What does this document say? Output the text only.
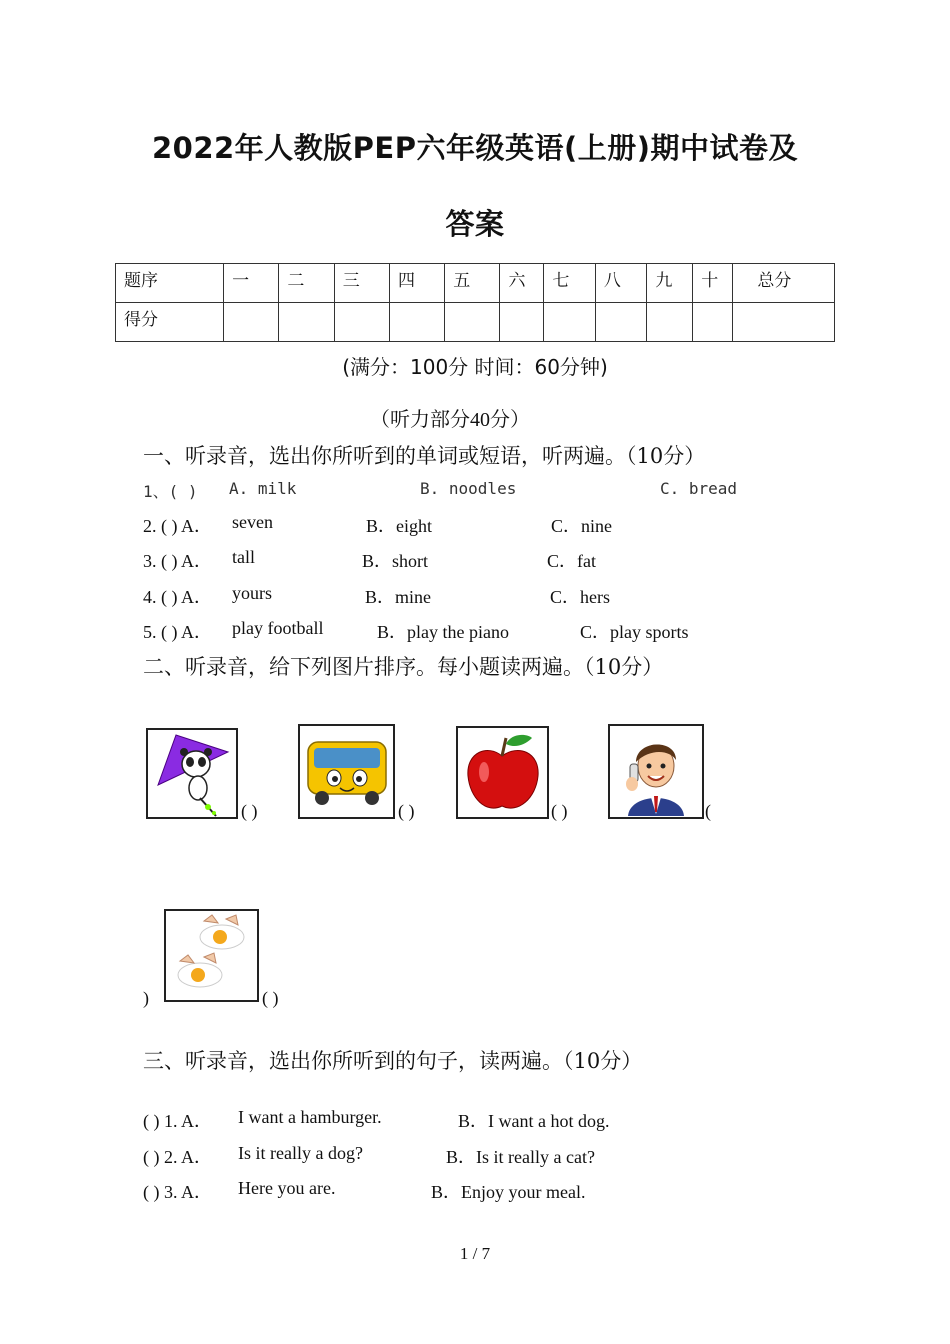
2022年人教版PEP六年级英语(上册)期中试卷及
答案
题序	一	二	三	四	五	六	七	八	九	十	总分
得分											
(满分：100分 时间：60分钟)
（听力部分40分）
一、听录音，选出你所听到的单词或短语，听两遍。（10分）
1、( ) A. milk	B. noodles	C. bread
2. ( ) A． seven	B．eight	C．nine
3. ( ) A． tall	B．short	C．fat
4. ( ) A． yours	B．mine	C．hers
5. ( ) A． play football	B．play the piano	C．play sports
二、听录音，给下列图片排序。每小题读两遍。（10分）
( )	( )	( )	(
)	( )
三、听录音，选出你所听到的句子，读两遍。（10分）
( ) 1. A． I want a hamburger.	B．I want a hot dog.
( ) 2. A． Is it really a dog?	B．Is it really a cat?
( ) 3. A． Here you are.	B．Enjoy your meal.
1 / 7
